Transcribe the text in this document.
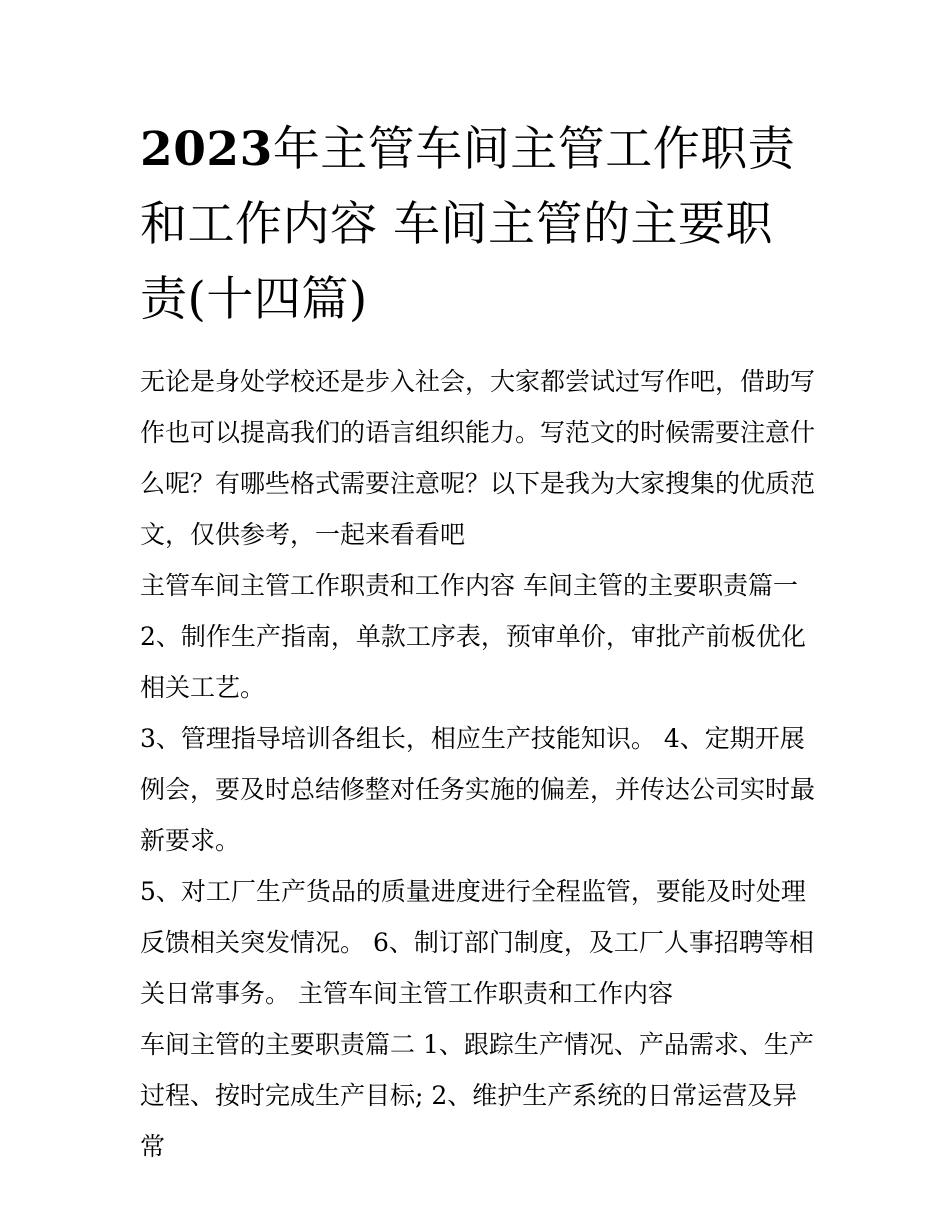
2023年主管车间主管工作职责和工作内容 车间主管的主要职责(十四篇)

无论是身处学校还是步入社会，大家都尝试过写作吧，借助写作也可以提高我们的语言组织能力。写范文的时候需要注意什么呢？有哪些格式需要注意呢？以下是我为大家搜集的优质范文，仅供参考，一起来看看吧

主管车间主管工作职责和工作内容 车间主管的主要职责篇一

2、制作生产指南，单款工序表，预审单价，审批产前板优化相关工艺。

3、管理指导培训各组长，相应生产技能知识。 4、定期开展例会，要及时总结修整对任务实施的偏差，并传达公司实时最新要求。

5、对工厂生产货品的质量进度进行全程监管，要能及时处理反馈相关突发情况。 6、制订部门制度，及工厂人事招聘等相关日常事务。 主管车间主管工作职责和工作内容

车间主管的主要职责篇二 1、跟踪生产情况、产品需求、生产过程、按时完成生产目标; 2、维护生产系统的日常运营及异常
